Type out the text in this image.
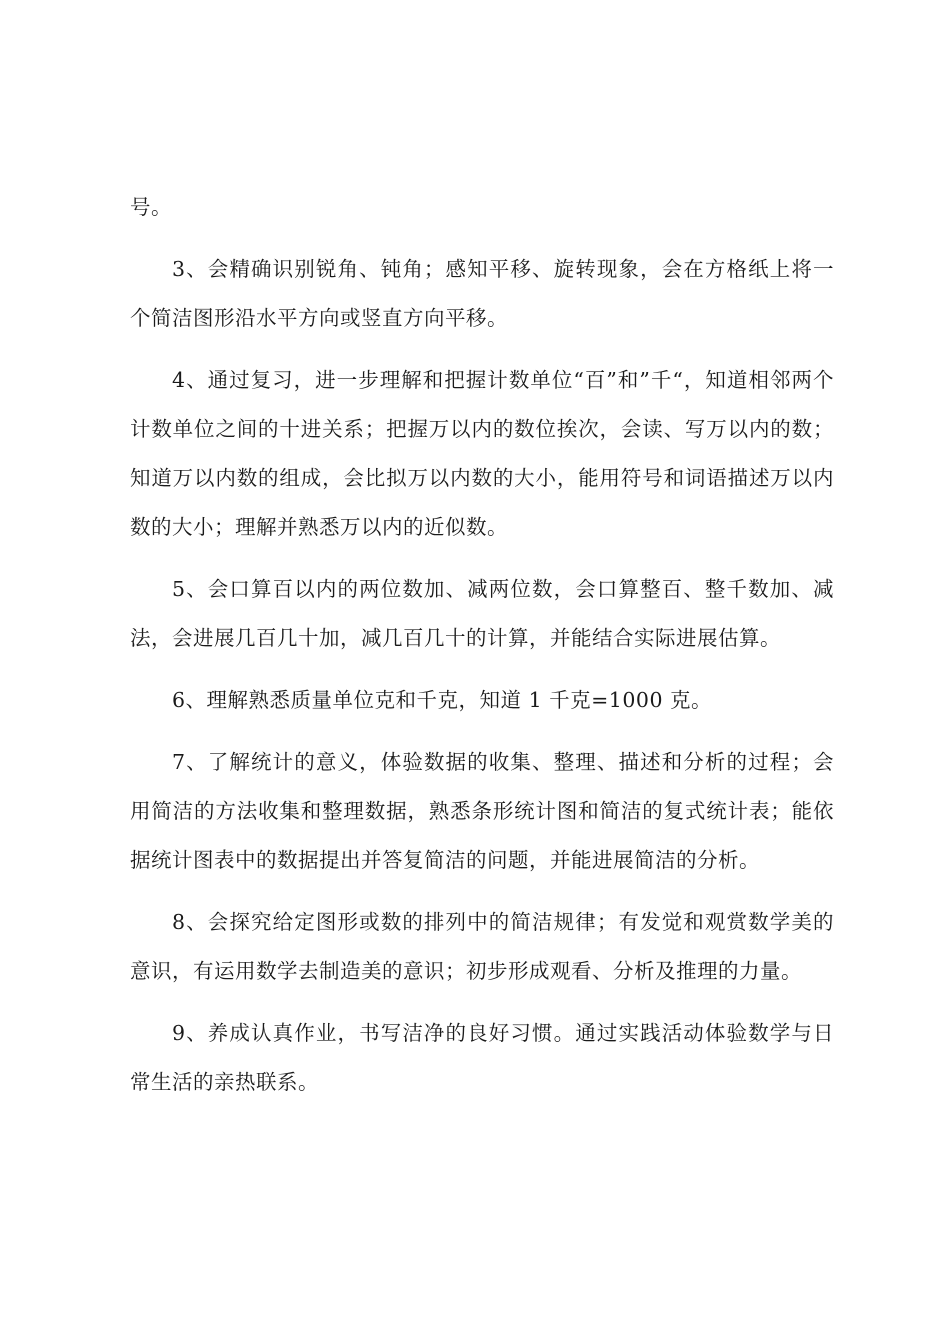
号。

3、会精确识别锐角、钝角；感知平移、旋转现象，会在方格纸上将一个简洁图形沿水平方向或竖直方向平移。

4、通过复习，进一步理解和把握计数单位“百”和”千“，知道相邻两个计数单位之间的十进关系；把握万以内的数位挨次，会读、写万以内的数；知道万以内数的组成，会比拟万以内数的大小，能用符号和词语描述万以内数的大小；理解并熟悉万以内的近似数。

5、会口算百以内的两位数加、减两位数，会口算整百、整千数加、减法，会进展几百几十加，减几百几十的计算，并能结合实际进展估算。

6、理解熟悉质量单位克和千克，知道 1 千克=1000 克。

7、了解统计的意义，体验数据的收集、整理、描述和分析的过程；会用简洁的方法收集和整理数据，熟悉条形统计图和简洁的复式统计表；能依据统计图表中的数据提出并答复简洁的问题，并能进展简洁的分析。

8、会探究给定图形或数的排列中的简洁规律；有发觉和观赏数学美的意识，有运用数学去制造美的意识；初步形成观看、分析及推理的力量。

9、养成认真作业，书写洁净的良好习惯。通过实践活动体验数学与日常生活的亲热联系。
